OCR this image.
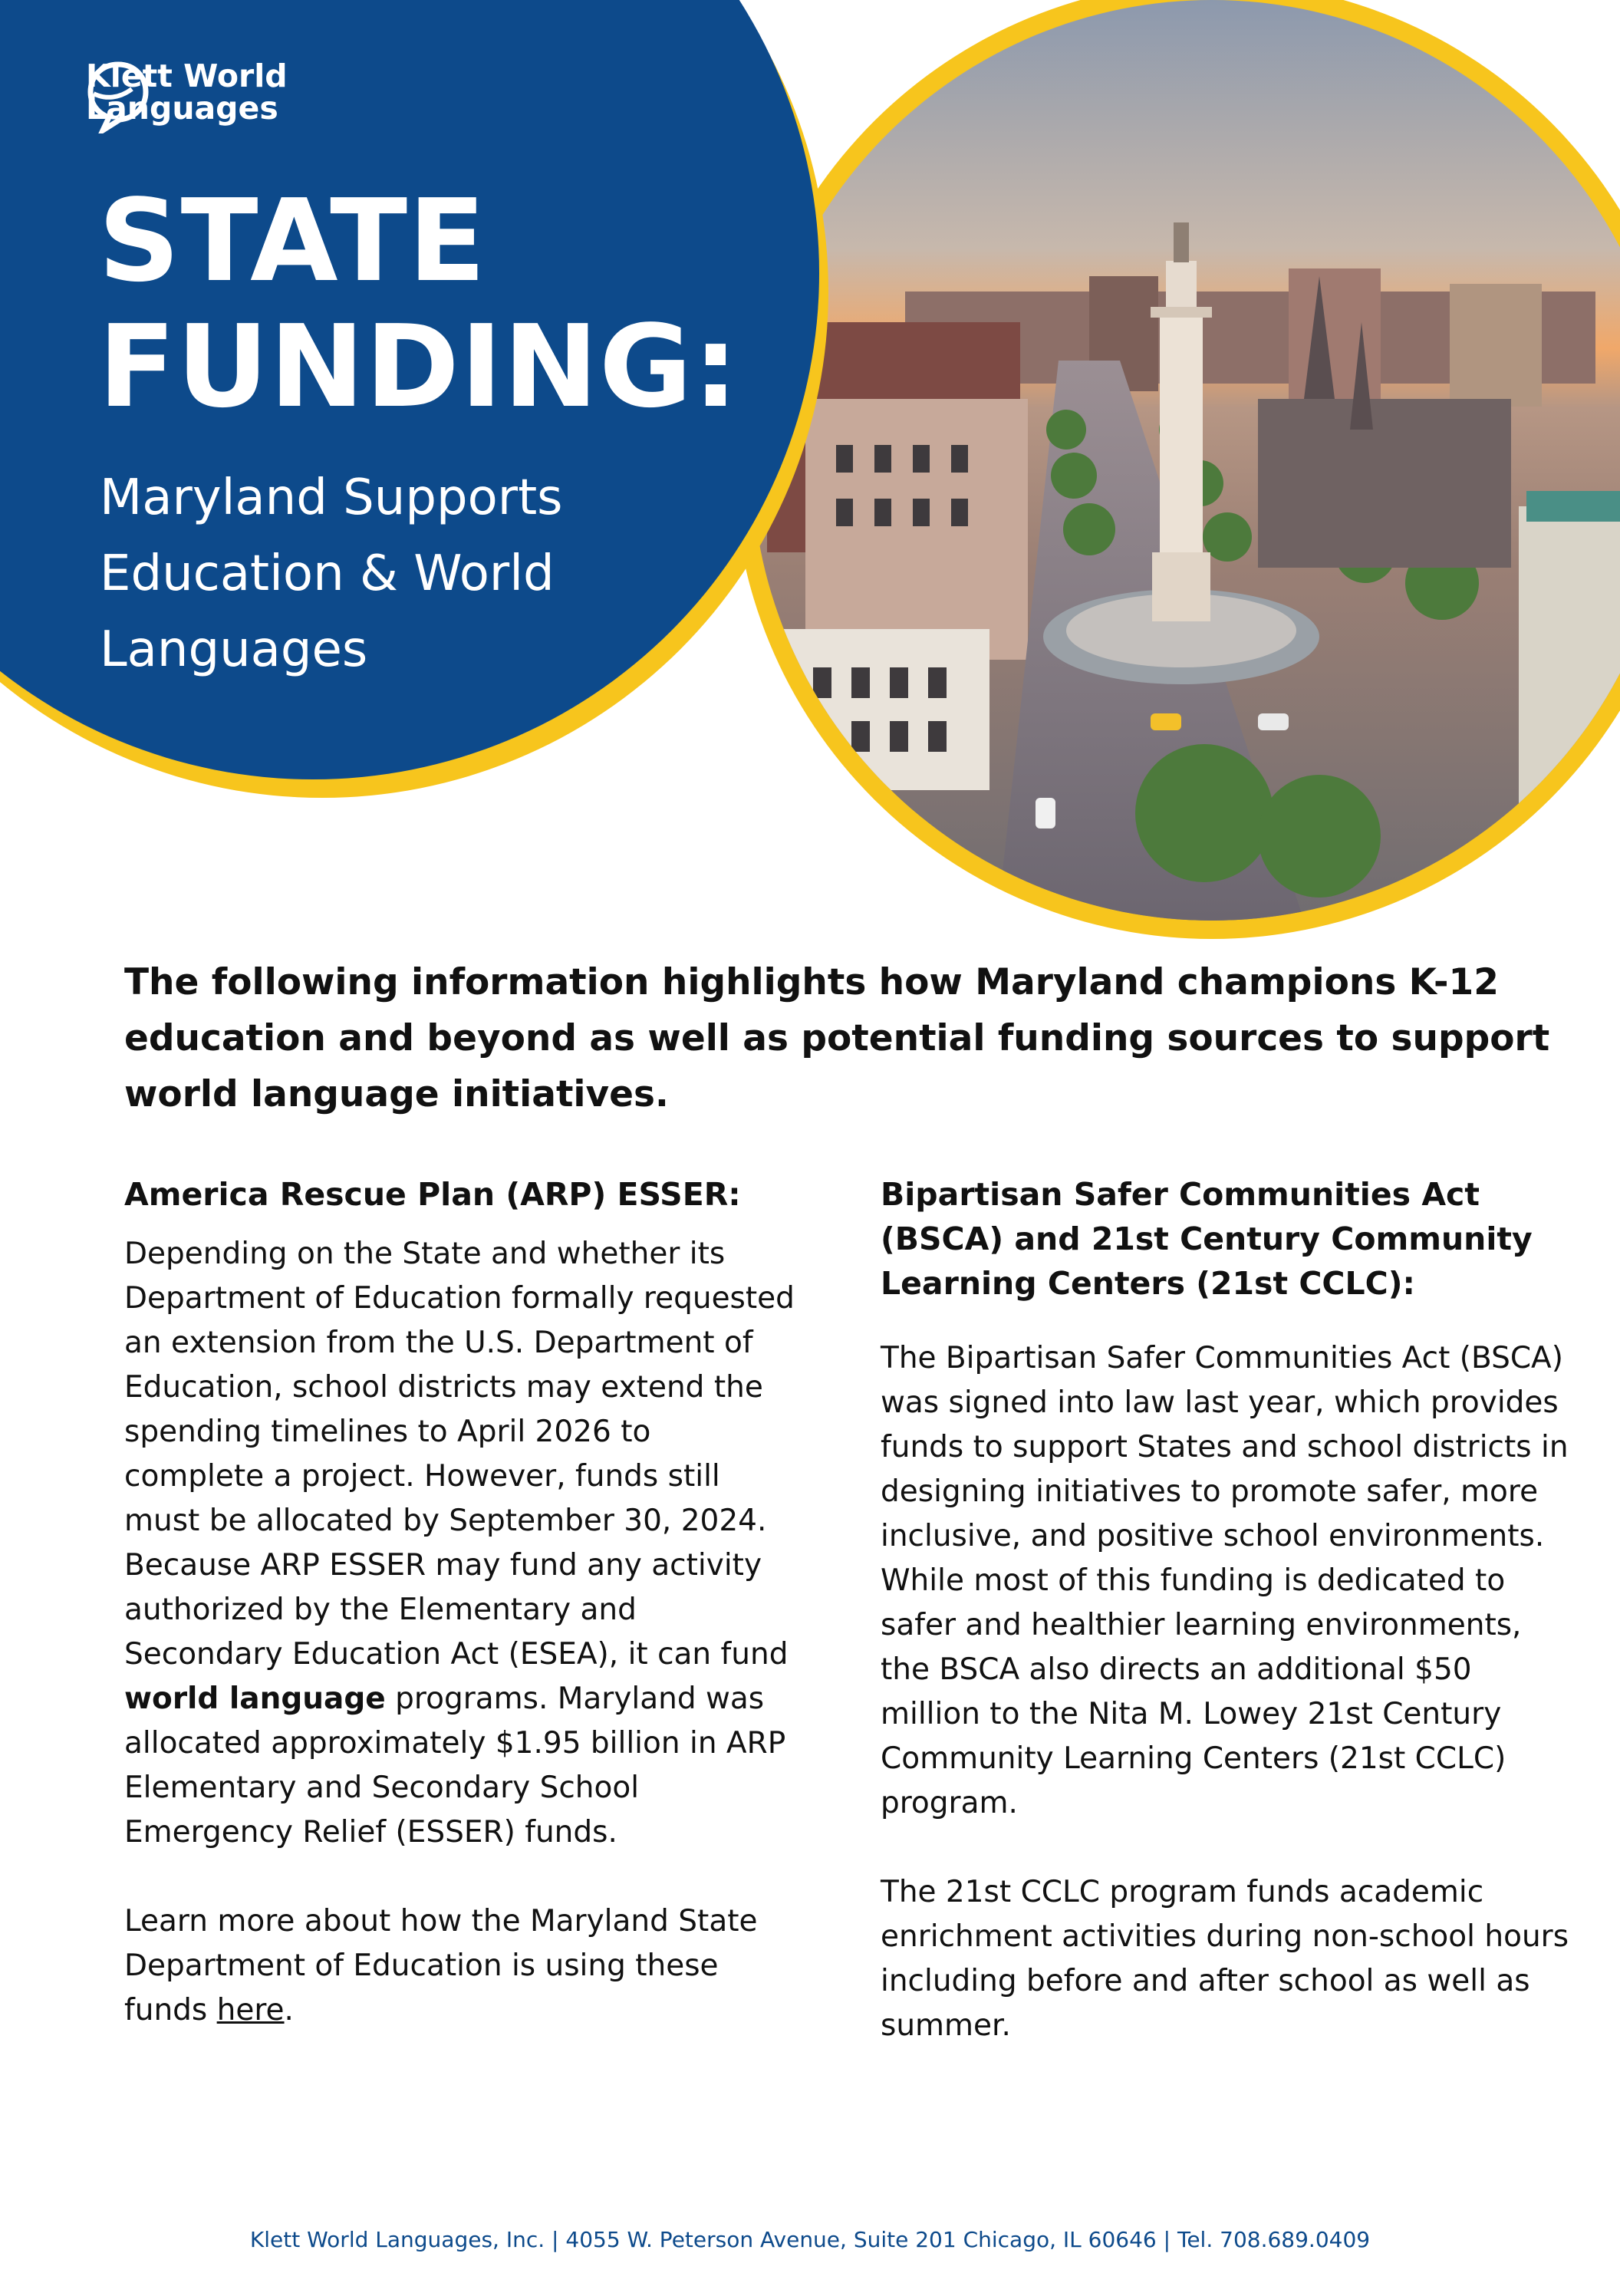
Klett World
Languages
STATE
FUNDING:

Maryland Supports
Education & World
Languages

The following information highlights how Maryland champions K-12 education and beyond as well as potential funding sources to support world language initiatives.

America Rescue Plan (ARP) ESSER:

Depending on the State and whether its Department of Education formally requested an extension from the U.S. Department of Education, school districts may extend the spending timelines to April 2026 to complete a project. However, funds still must be allocated by September 30, 2024. Because ARP ESSER may fund any activity authorized by the Elementary and Secondary Education Act (ESEA), it can fund world language programs. Maryland was allocated approximately $1.95 billion in ARP Elementary and Secondary School Emergency Relief (ESSER) funds.

Learn more about how the Maryland State Department of Education is using these funds here.

Bipartisan Safer Communities Act (BSCA) and 21st Century Community Learning Centers (21st CCLC):

The Bipartisan Safer Communities Act (BSCA) was signed into law last year, which provides funds to support States and school districts in designing initiatives to promote safer, more inclusive, and positive school environments. While most of this funding is dedicated to safer and healthier learning environments, the BSCA also directs an additional $50 million to the Nita M. Lowey 21st Century Community Learning Centers (21st CCLC) program.

The 21st CCLC program funds academic enrichment activities during non-school hours including before and after school as well as summer.

Klett World Languages, Inc. | 4055 W. Peterson Avenue, Suite 201 Chicago, IL 60646 | Tel. 708.689.0409
